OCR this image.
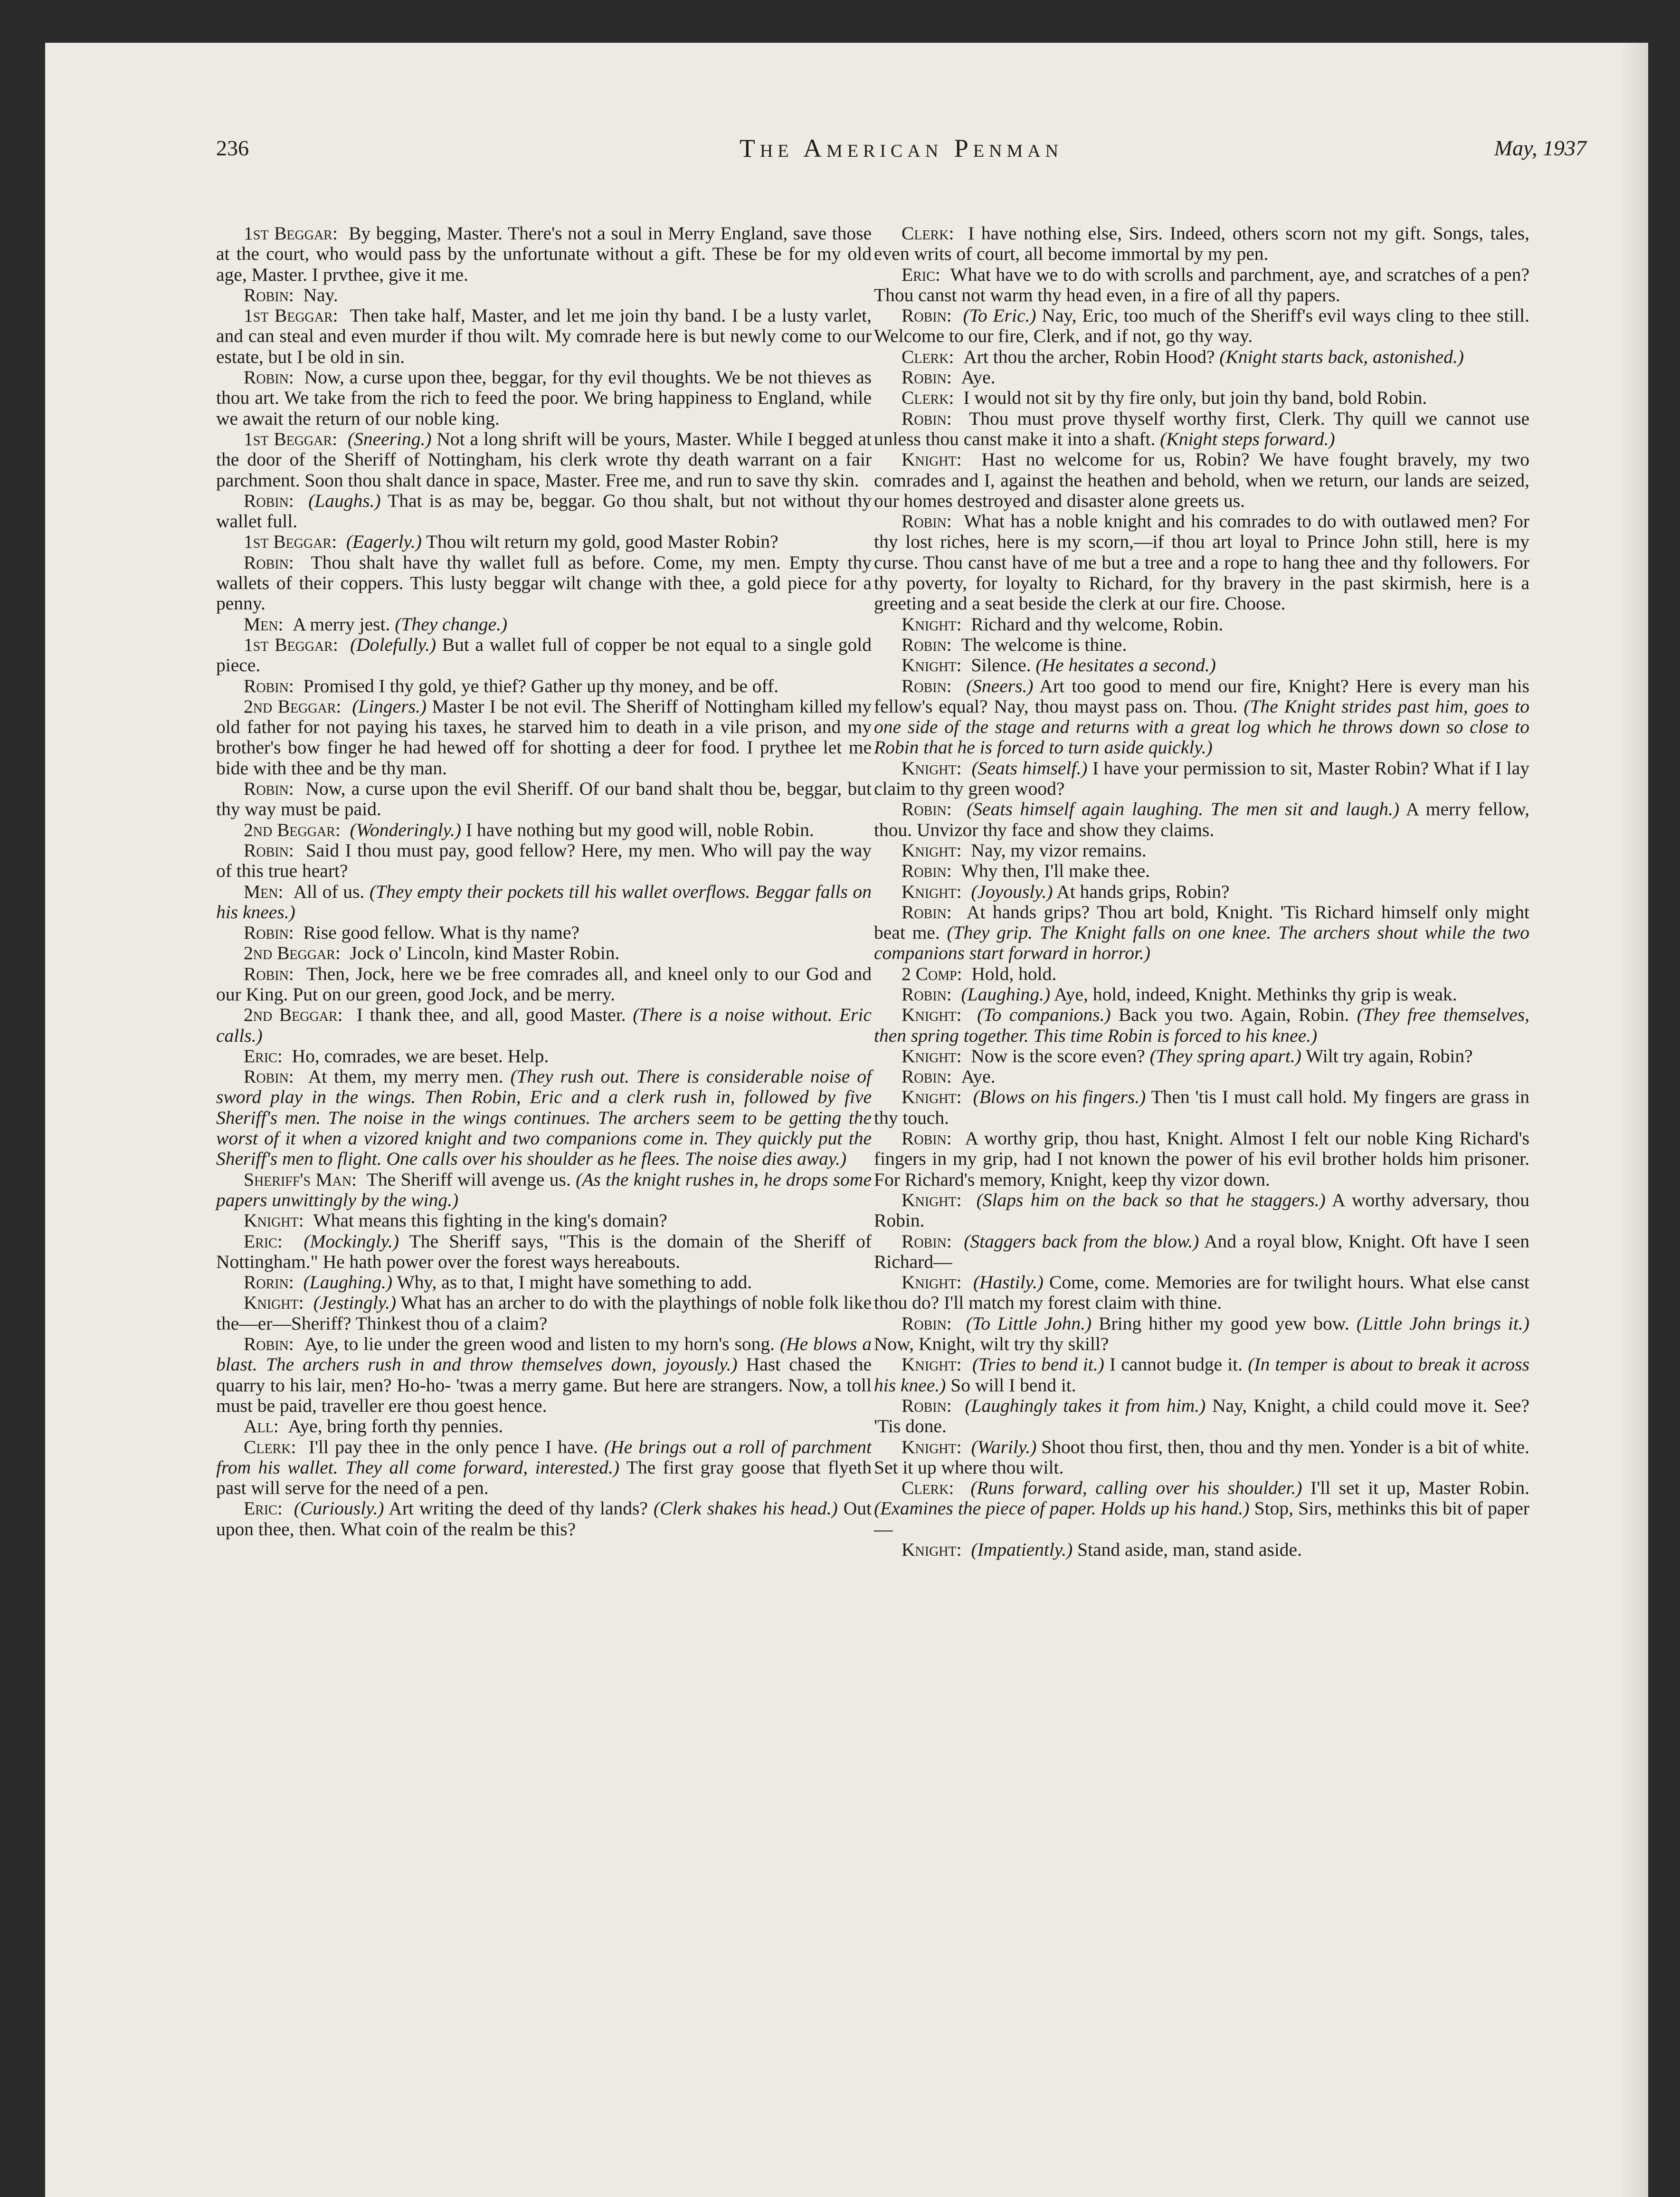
236	The American Penman	May, 1937

1st Beggar:  By begging, Master. There's not a soul in Merry England, save those at the court, who would pass by the unfortunate without a gift. These be for my old age, Master. I prvthee, give it me.

Robin:  Nay.

1st Beggar:  Then take half, Master, and let me join thy band. I be a lusty varlet, and can steal and even murder if thou wilt. My comrade here is but newly come to our estate, but I be old in sin.

Robin:  Now, a curse upon thee, beggar, for thy evil thoughts. We be not thieves as thou art. We take from the rich to feed the poor. We bring happiness to England, while we await the return of our noble king.

1st Beggar:  (Sneering.) Not a long shrift will be yours, Master. While I begged at the door of the Sheriff of Nottingham, his clerk wrote thy death warrant on a fair parchment. Soon thou shalt dance in space, Master. Free me, and run to save thy skin.

Robin:  (Laughs.) That is as may be, beggar. Go thou shalt, but not without thy wallet full.

1st Beggar:  (Eagerly.) Thou wilt return my gold, good Master Robin?

Robin:  Thou shalt have thy wallet full as before. Come, my men. Empty thy wallets of their coppers. This lusty beggar wilt change with thee, a gold piece for a penny.

Men:  A merry jest. (They change.)

1st Beggar:  (Dolefully.) But a wallet full of copper be not equal to a single gold piece.

Robin:  Promised I thy gold, ye thief? Gather up thy money, and be off.

2nd Beggar:  (Lingers.) Master I be not evil. The Sheriff of Nottingham killed my old father for not paying his taxes, he starved him to death in a vile prison, and my brother's bow finger he had hewed off for shotting a deer for food. I prythee let me bide with thee and be thy man.

Robin:  Now, a curse upon the evil Sheriff. Of our band shalt thou be, beggar, but thy way must be paid.

2nd Beggar:  (Wonderingly.) I have nothing but my good will, noble Robin.

Robin:  Said I thou must pay, good fellow? Here, my men. Who will pay the way of this true heart?

Men:  All of us. (They empty their pockets till his wallet overflows. Beggar falls on his knees.)

Robin:  Rise good fellow. What is thy name?

2nd Beggar:  Jock o' Lincoln, kind Master Robin.

Robin:  Then, Jock, here we be free comrades all, and kneel only to our God and our King. Put on our green, good Jock, and be merry.

2nd Beggar:  I thank thee, and all, good Master. (There is a noise without. Eric calls.)

Eric:  Ho, comrades, we are beset. Help.

Robin:  At them, my merry men. (They rush out. There is considerable noise of sword play in the wings. Then Robin, Eric and a clerk rush in, followed by five Sheriff's men. The noise in the wings continues. The archers seem to be getting the worst of it when a vizored knight and two companions come in. They quickly put the Sheriff's men to flight. One calls over his shoulder as he flees. The noise dies away.)

Sheriff's Man:  The Sheriff will avenge us. (As the knight rushes in, he drops some papers unwittingly by the wing.)

Knight:  What means this fighting in the king's domain?

Eric:  (Mockingly.) The Sheriff says, "This is the domain of the Sheriff of Nottingham." He hath power over the forest ways hereabouts.

Rorin:  (Laughing.) Why, as to that, I might have something to add.

Knight:  (Jestingly.) What has an archer to do with the playthings of noble folk like the—er—Sheriff? Thinkest thou of a claim?

Robin:  Aye, to lie under the green wood and listen to my horn's song. (He blows a blast. The archers rush in and throw themselves down, joyously.) Hast chased the quarry to his lair, men? Ho-ho- 'twas a merry game. But here are strangers. Now, a toll must be paid, traveller ere thou goest hence.

All:  Aye, bring forth thy pennies.

Clerk:  I'll pay thee in the only pence I have. (He brings out a roll of parchment from his wallet. They all come forward, interested.) The first gray goose that flyeth past will serve for the need of a pen.

Eric:  (Curiously.) Art writing the deed of thy lands? (Clerk shakes his head.) Out upon thee, then. What coin of the realm be this?

Clerk:  I have nothing else, Sirs. Indeed, others scorn not my gift. Songs, tales, even writs of court, all become immortal by my pen.

Eric:  What have we to do with scrolls and parchment, aye, and scratches of a pen? Thou canst not warm thy head even, in a fire of all thy papers.

Robin:  (To Eric.) Nay, Eric, too much of the Sheriff's evil ways cling to thee still. Welcome to our fire, Clerk, and if not, go thy way.

Clerk:  Art thou the archer, Robin Hood? (Knight starts back, astonished.)

Robin:  Aye.

Clerk:  I would not sit by thy fire only, but join thy band, bold Robin.

Robin:  Thou must prove thyself worthy first, Clerk. Thy quill we cannot use unless thou canst make it into a shaft. (Knight steps forward.)

Knight:  Hast no welcome for us, Robin? We have fought bravely, my two comrades and I, against the heathen and behold, when we return, our lands are seized, our homes destroyed and disaster alone greets us.

Robin:  What has a noble knight and his comrades to do with outlawed men? For thy lost riches, here is my scorn,—if thou art loyal to Prince John still, here is my curse. Thou canst have of me but a tree and a rope to hang thee and thy followers. For thy poverty, for loyalty to Richard, for thy bravery in the past skirmish, here is a greeting and a seat beside the clerk at our fire. Choose.

Knight:  Richard and thy welcome, Robin.

Robin:  The welcome is thine.

Knight:  Silence. (He hesitates a second.)

Robin:  (Sneers.) Art too good to mend our fire, Knight? Here is every man his fellow's equal? Nay, thou mayst pass on. Thou. (The Knight strides past him, goes to one side of the stage and returns with a great log which he throws down so close to Robin that he is forced to turn aside quickly.)

Knight:  (Seats himself.) I have your permission to sit, Master Robin? What if I lay claim to thy green wood?

Robin:  (Seats himself again laughing. The men sit and laugh.) A merry fellow, thou. Unvizor thy face and show they claims.

Knight:  Nay, my vizor remains.

Robin:  Why then, I'll make thee.

Knight:  (Joyously.) At hands grips, Robin?

Robin:  At hands grips? Thou art bold, Knight. 'Tis Richard himself only might beat me. (They grip. The Knight falls on one knee. The archers shout while the two companions start forward in horror.)

2 Comp:  Hold, hold.

Robin:  (Laughing.) Aye, hold, indeed, Knight. Methinks thy grip is weak.

Knight:  (To companions.) Back you two. Again, Robin. (They free themselves, then spring together. This time Robin is forced to his knee.)

Knight:  Now is the score even? (They spring apart.) Wilt try again, Robin?

Robin:  Aye.

Knight:  (Blows on his fingers.) Then 'tis I must call hold. My fingers are grass in thy touch.

Robin:  A worthy grip, thou hast, Knight. Almost I felt our noble King Richard's fingers in my grip, had I not known the power of his evil brother holds him prisoner. For Richard's memory, Knight, keep thy vizor down.

Knight:  (Slaps him on the back so that he staggers.) A worthy adversary, thou Robin.

Robin:  (Staggers back from the blow.) And a royal blow, Knight. Oft have I seen Richard—

Knight:  (Hastily.) Come, come. Memories are for twilight hours. What else canst thou do? I'll match my forest claim with thine.

Robin:  (To Little John.) Bring hither my good yew bow. (Little John brings it.) Now, Knight, wilt try thy skill?

Knight:  (Tries to bend it.) I cannot budge it. (In temper is about to break it across his knee.) So will I bend it.

Robin:  (Laughingly takes it from him.) Nay, Knight, a child could move it. See? 'Tis done.

Knight:  (Warily.) Shoot thou first, then, thou and thy men. Yonder is a bit of white. Set it up where thou wilt.

Clerk:  (Runs forward, calling over his shoulder.) I'll set it up, Master Robin. (Examines the piece of paper. Holds up his hand.) Stop, Sirs, methinks this bit of paper—

Knight:  (Impatiently.) Stand aside, man, stand aside.
